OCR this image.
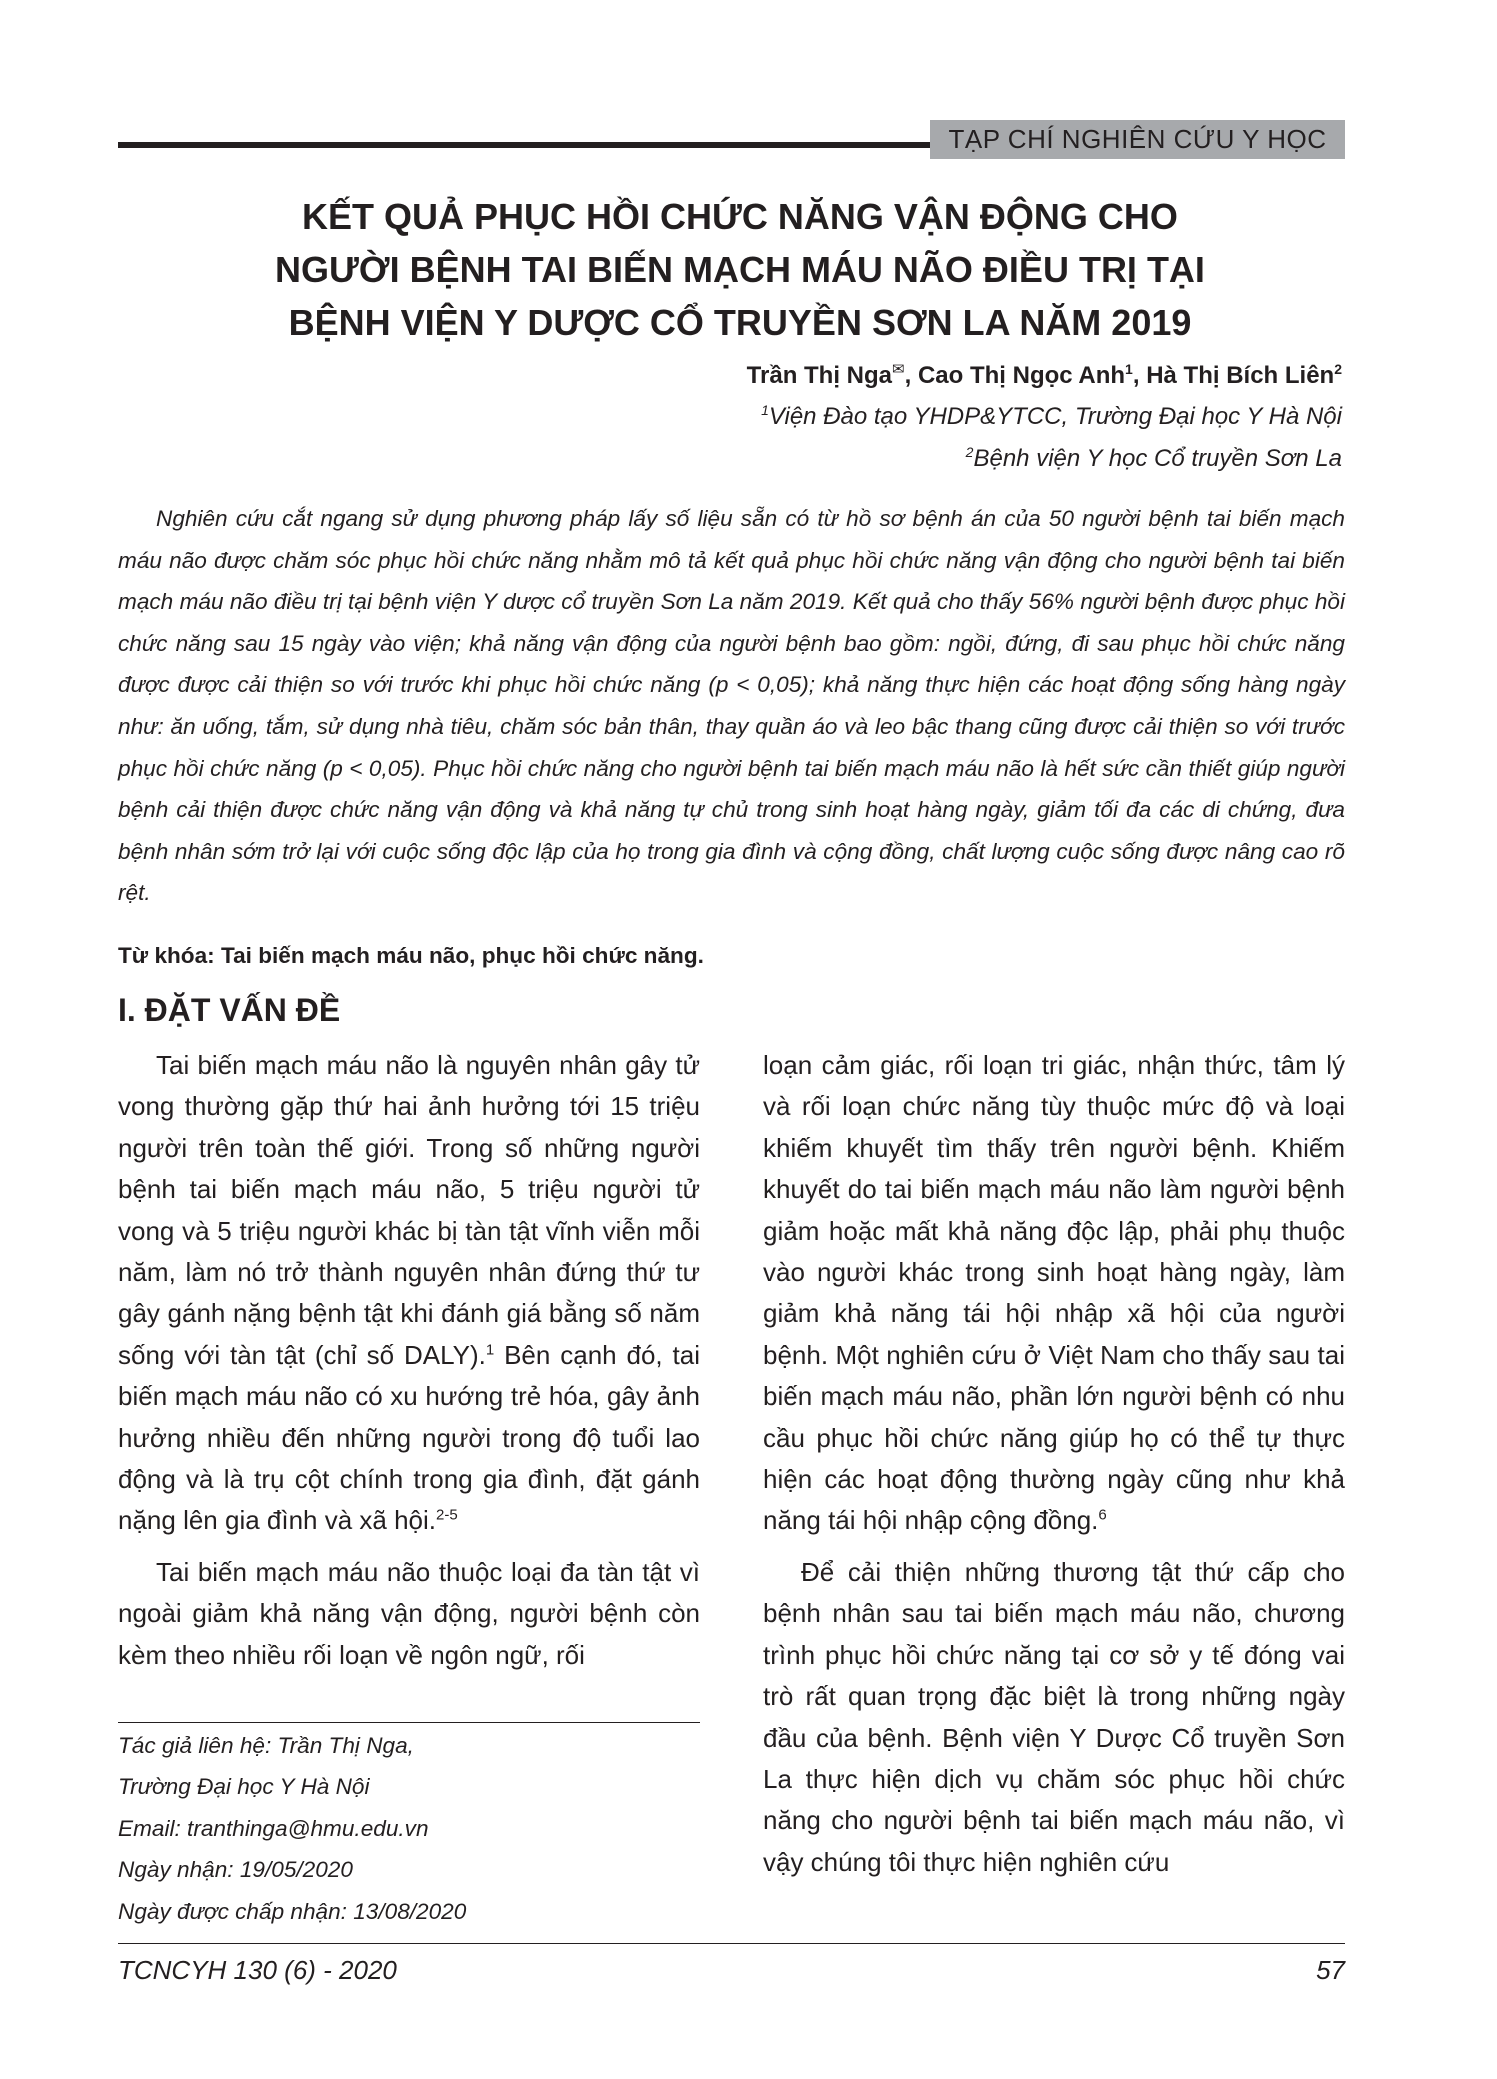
TẠP CHÍ NGHIÊN CỨU Y HỌC
KẾT QUẢ PHỤC HỒI CHỨC NĂNG VẬN ĐỘNG CHO
NGƯỜI BỆNH TAI BIẾN MẠCH MÁU NÃO ĐIỀU TRỊ TẠI
BỆNH VIỆN Y DƯỢC CỔ TRUYỀN SƠN LA NĂM 2019
Trần Thị Nga✉, Cao Thị Ngọc Anh$^1$, Hà Thị Bích Liên$^2$
$^1$Viện Đào tạo YHDP&YTCC, Trường Đại học Y Hà Nội
$^2$Bệnh viện Y học Cổ truyền Sơn La

Nghiên cứu cắt ngang sử dụng phương pháp lấy số liệu sẵn có từ hồ sơ bệnh án của 50 người bệnh tai biến mạch máu não được chăm sóc phục hồi chức năng nhằm mô tả kết quả phục hồi chức năng vận động cho người bệnh tai biến mạch máu não điều trị tại bệnh viện Y dược cổ truyền Sơn La năm 2019. Kết quả cho thấy 56% người bệnh được phục hồi chức năng sau 15 ngày vào viện; khả năng vận động của người bệnh bao gồm: ngồi, đứng, đi sau phục hồi chức năng được được cải thiện so với trước khi phục hồi chức năng (p < 0,05); khả năng thực hiện các hoạt động sống hàng ngày như: ăn uống, tắm, sử dụng nhà tiêu, chăm sóc bản thân, thay quần áo và leo bậc thang cũng được cải thiện so với trước phục hồi chức năng (p < 0,05). Phục hồi chức năng cho người bệnh tai biến mạch máu não là hết sức cần thiết giúp người bệnh cải thiện được chức năng vận động và khả năng tự chủ trong sinh hoạt hàng ngày, giảm tối đa các di chứng, đưa bệnh nhân sớm trở lại với cuộc sống độc lập của họ trong gia đình và cộng đồng, chất lượng cuộc sống được nâng cao rõ rệt.

Từ khóa: Tai biến mạch máu não, phục hồi chức năng.
I. ĐẶT VẤN ĐỀ

Tai biến mạch máu não là nguyên nhân gây tử vong thường gặp thứ hai ảnh hưởng tới 15 triệu người trên toàn thế giới. Trong số những người bệnh tai biến mạch máu não, 5 triệu người tử vong và 5 triệu người khác bị tàn tật vĩnh viễn mỗi năm, làm nó trở thành nguyên nhân đứng thứ tư gây gánh nặng bệnh tật khi đánh giá bằng số năm sống với tàn tật (chỉ số DALY).$^1$ Bên cạnh đó, tai biến mạch máu não có xu hướng trẻ hóa, gây ảnh hưởng nhiều đến những người trong độ tuổi lao động và là trụ cột chính trong gia đình, đặt gánh nặng lên gia đình và xã hội.$^{2-5}$

Tai biến mạch máu não thuộc loại đa tàn tật vì ngoài giảm khả năng vận động, người bệnh còn kèm theo nhiều rối loạn về ngôn ngữ, rối

Tác giả liên hệ: Trần Thị Nga,
Trường Đại học Y Hà Nội
Email: tranthinga@hmu.edu.vn
Ngày nhận: 19/05/2020
Ngày được chấp nhận: 13/08/2020

loạn cảm giác, rối loạn tri giác, nhận thức, tâm lý và rối loạn chức năng tùy thuộc mức độ và loại khiếm khuyết tìm thấy trên người bệnh. Khiếm khuyết do tai biến mạch máu não làm người bệnh giảm hoặc mất khả năng độc lập, phải phụ thuộc vào người khác trong sinh hoạt hàng ngày, làm giảm khả năng tái hội nhập xã hội của người bệnh. Một nghiên cứu ở Việt Nam cho thấy sau tai biến mạch máu não, phần lớn người bệnh có nhu cầu phục hồi chức năng giúp họ có thể tự thực hiện các hoạt động thường ngày cũng như khả năng tái hội nhập cộng đồng.$^6$

Để cải thiện những thương tật thứ cấp cho bệnh nhân sau tai biến mạch máu não, chương trình phục hồi chức năng tại cơ sở y tế đóng vai trò rất quan trọng đặc biệt là trong những ngày đầu của bệnh. Bệnh viện Y Dược Cổ truyền Sơn La thực hiện dịch vụ chăm sóc phục hồi chức năng cho người bệnh tai biến mạch máu não, vì vậy chúng tôi thực hiện nghiên cứu

TCNCYH 130 (6) - 2020	57
